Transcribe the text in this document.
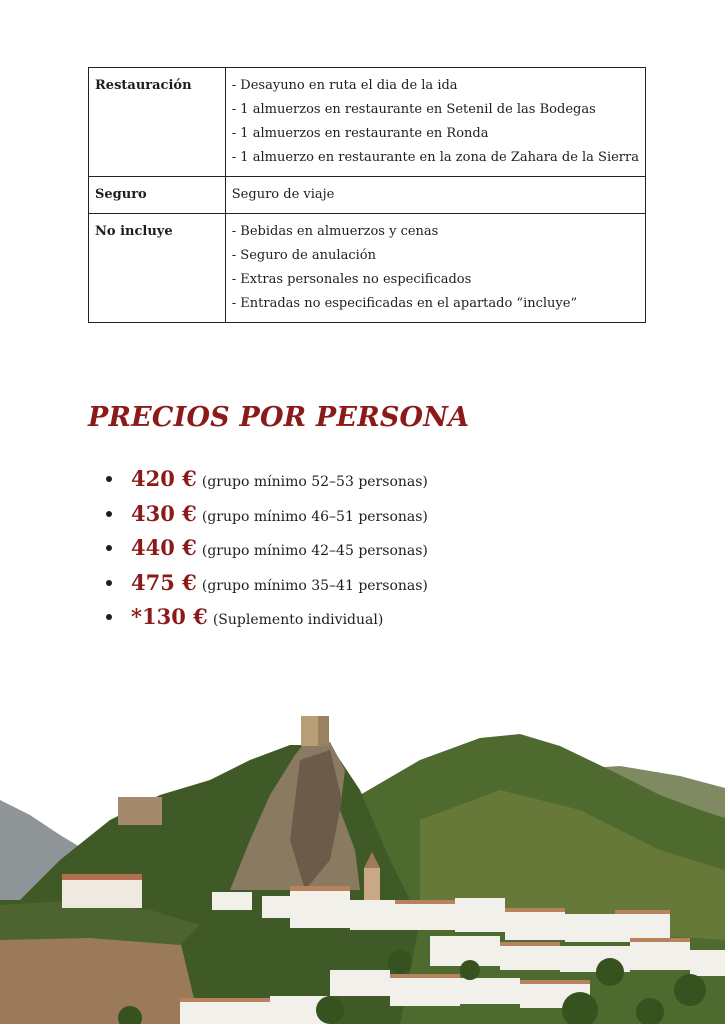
Restauración	- Desayuno en ruta el dia de la ida
- 1 almuerzos en restaurante en Setenil de las Bodegas
- 1 almuerzos en restaurante en Ronda
- 1 almuerzo en restaurante en la zona de Zahara de la Sierra

Seguro	Seguro de viaje

No incluye	- Bebidas en almuerzos y cenas
- Seguro de anulación
- Extras personales no especificados
- Entradas no especificadas en el apartado “incluye”
PRECIOS POR PERSONA
420 € (grupo mínimo 52–53 personas)
430 € (grupo mínimo 46–51 personas)
440 € (grupo mínimo 42–45 personas)
475 € (grupo mínimo 35–41 personas)
*130 € (Suplemento individual)
